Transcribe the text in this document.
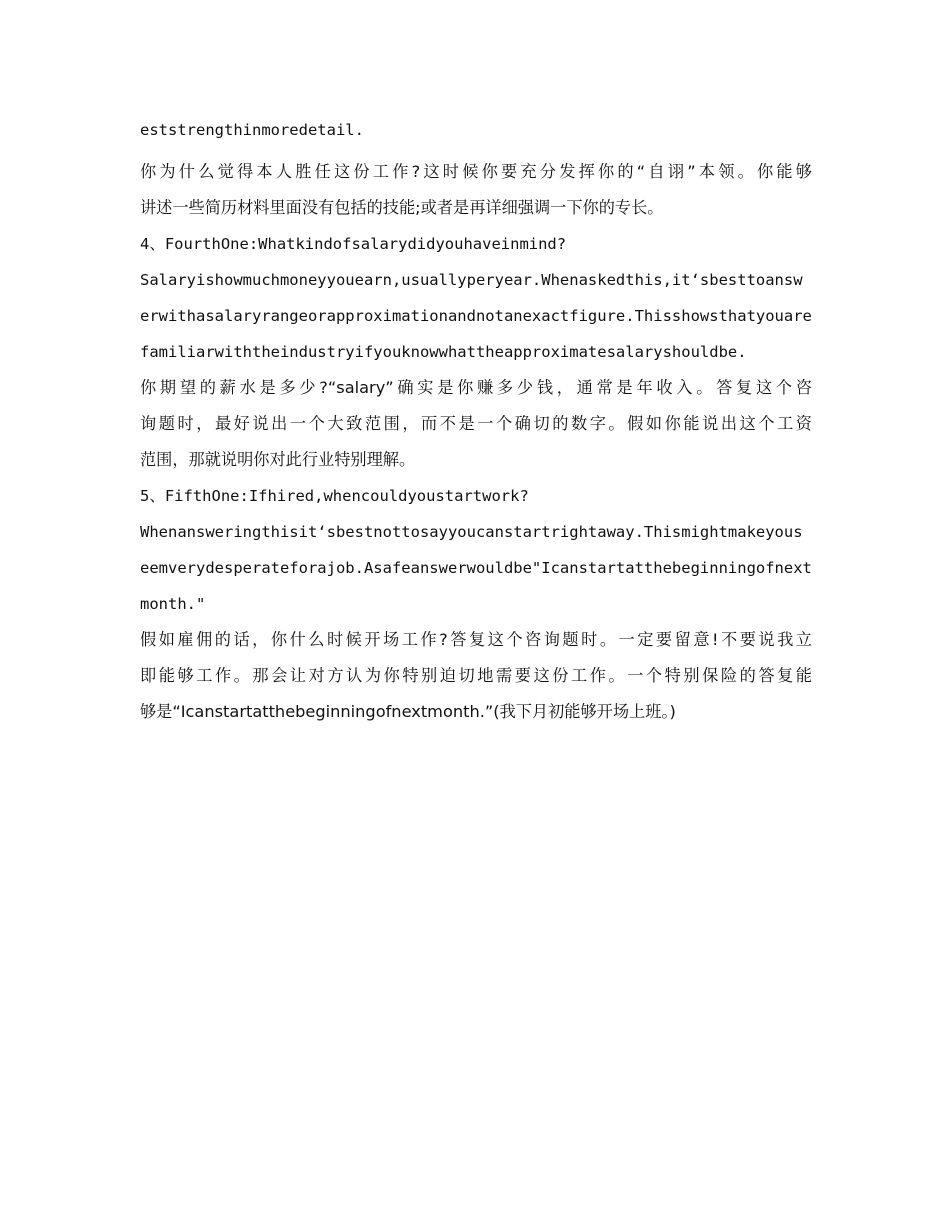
eststrengthinmoredetail.

你为什么觉得本人胜任这份工作?这时候你要充分发挥你的“自诩”本领。你能够

讲述一些简历材料里面没有包括的技能;或者是再详细强调一下你的专长。

4、FourthOne:Whatkindofsalarydidyouhaveinmind?

Salaryishowmuchmoneyyouearn,usuallyperyear.Whenaskedthis,it‘sbesttoansw

erwithasalaryrangeorapproximationandnotanexactfigure.Thisshowsthatyouare

familiarwiththeindustryifyouknowwhattheapproximatesalaryshouldbe.

你期望的薪水是多少?“salary”确实是你赚多少钱，通常是年收入。答复这个咨

询题时，最好说出一个大致范围，而不是一个确切的数字。假如你能说出这个工资

范围，那就说明你对此行业特别理解。

5、FifthOne:Ifhired,whencouldyoustartwork?

Whenansweringthisit‘sbestnottosayyoucanstartrightaway.Thismightmakeyous

eemverydesperateforajob.Asafeanswerwouldbe"Icanstartatthebeginningofnext

month."

假如雇佣的话，你什么时候开场工作?答复这个咨询题时。一定要留意!不要说我立

即能够工作。那会让对方认为你特别迫切地需要这份工作。一个特别保险的答复能

够是“Icanstartatthebeginningofnextmonth.”(我下月初能够开场上班。)
